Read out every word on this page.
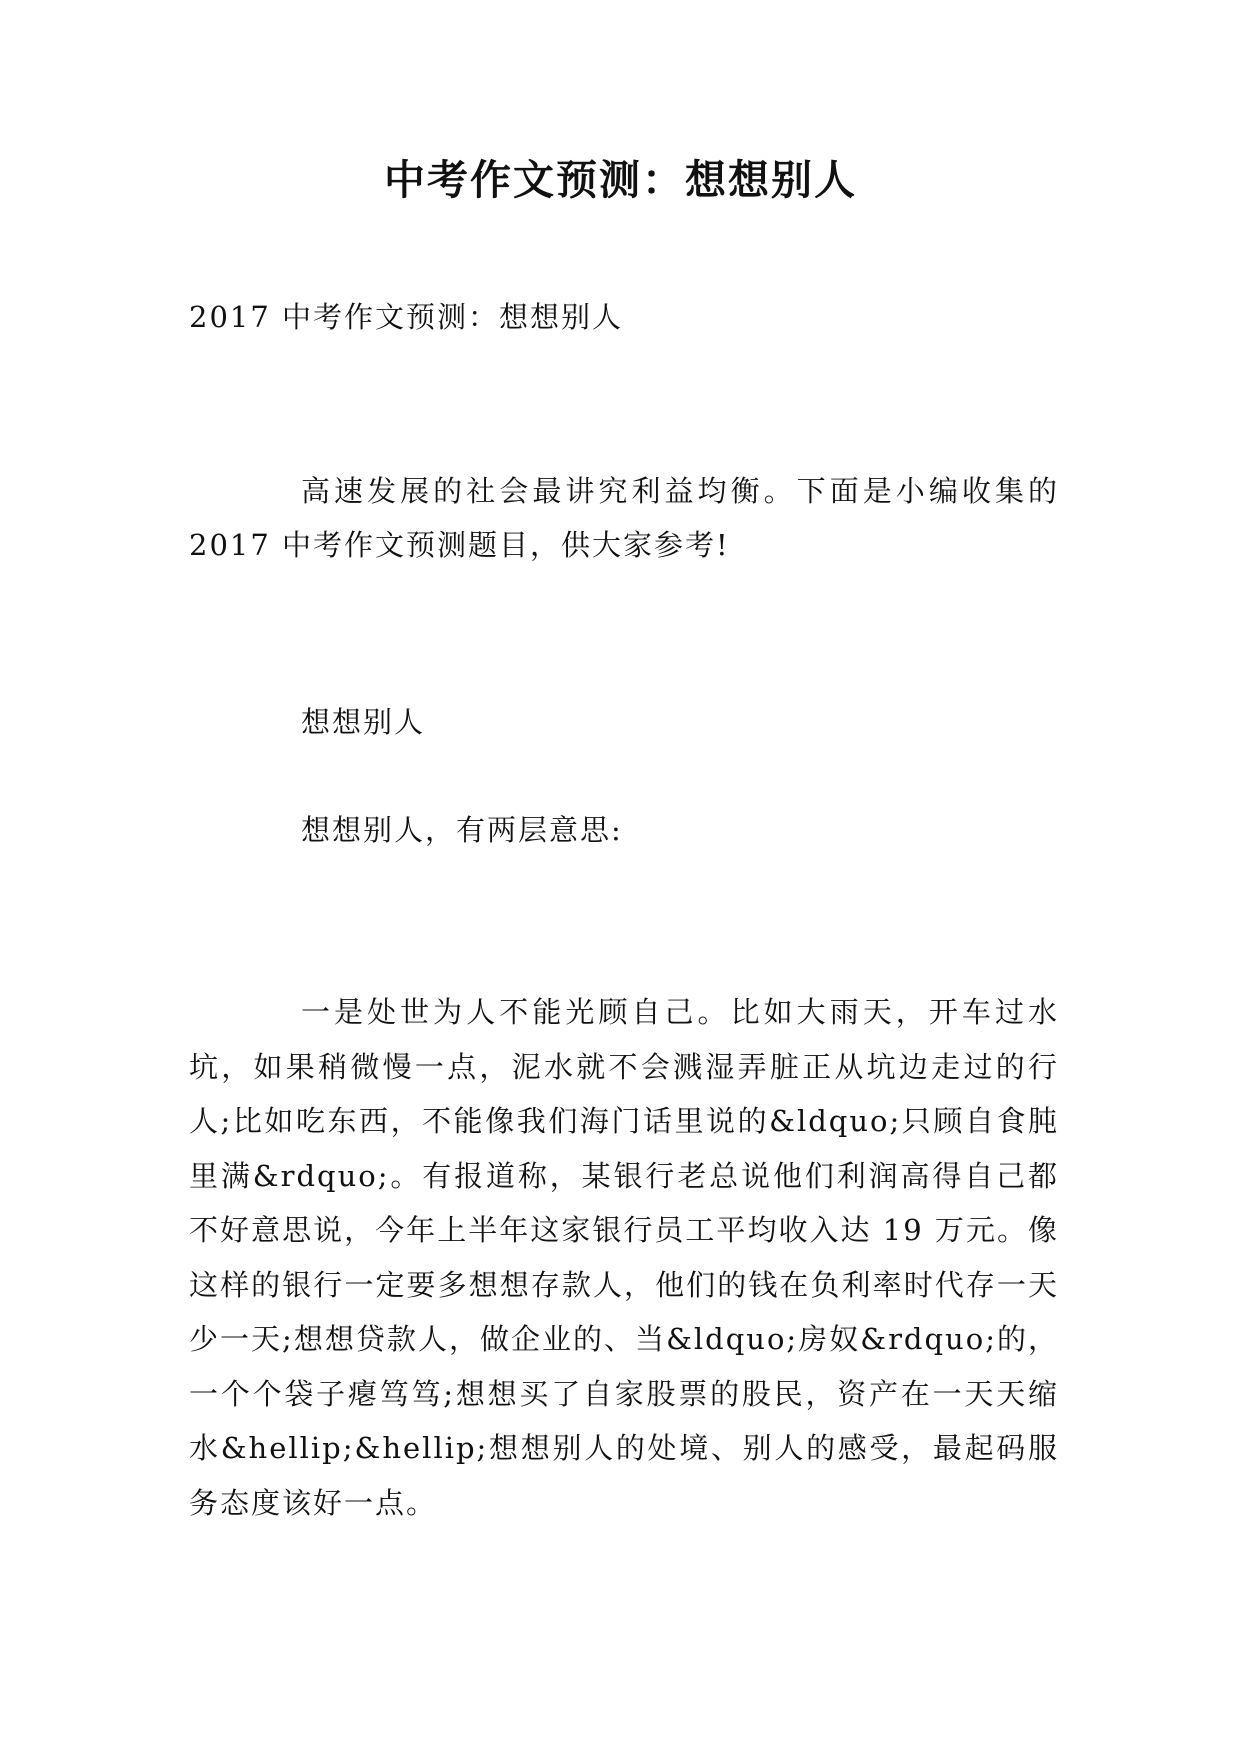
中考作文预测：想想别人

2017 中考作文预测：想想别人

高速发展的社会最讲究利益均衡。下面是小编收集的 2017 中考作文预测题目，供大家参考!

想想别人

想想别人，有两层意思:

一是处世为人不能光顾自己。比如大雨天，开车过水坑，如果稍微慢一点，泥水就不会溅湿弄脏正从坑边走过的行人;比如吃东西，不能像我们海门话里说的&ldquo;只顾自食肫里满&rdquo;。有报道称，某银行老总说他们利润高得自己都不好意思说，今年上半年这家银行员工平均收入达 19 万元。像这样的银行一定要多想想存款人，他们的钱在负利率时代存一天少一天;想想贷款人，做企业的、当&ldquo;房奴&rdquo;的，一个个袋子瘪笃笃;想想买了自家股票的股民，资产在一天天缩水&hellip;&hellip;想想别人的处境、别人的感受，最起码服务态度该好一点。
